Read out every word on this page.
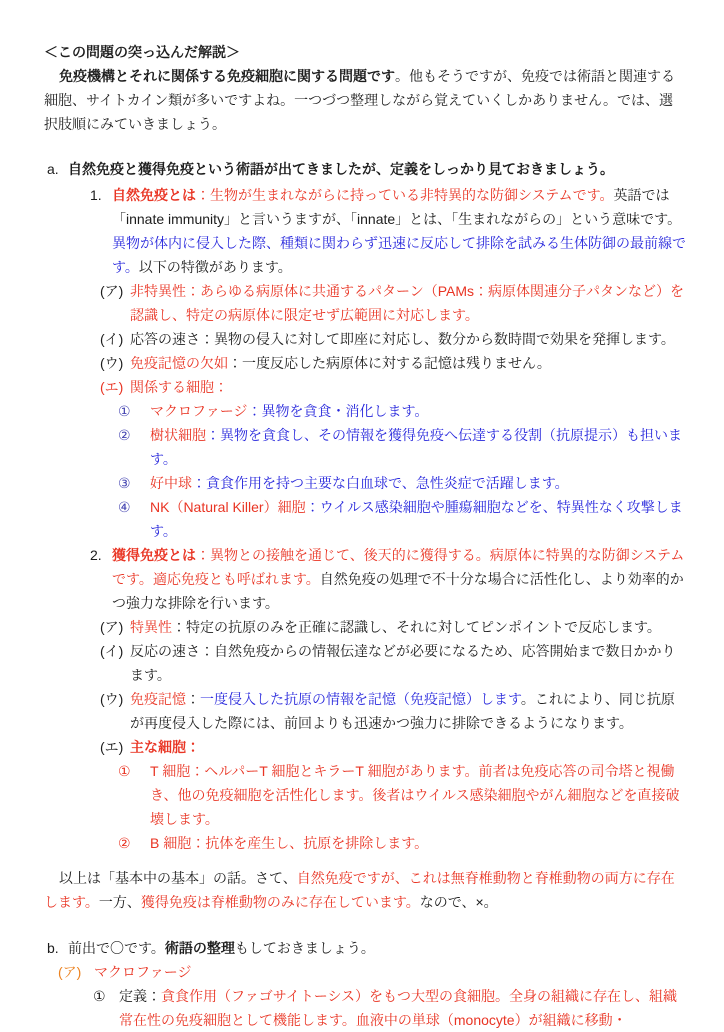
＜この問題の突っ込んだ解説＞
免疫機構とそれに関係する免疫細胞に関する問題です。他もそうですが、免疫では術語と関連する細胞、サイトカイン類が多いですよね。一つづつ整理しながら覚えていくしかありません。では、選択肢順にみていきましょう。
a. 自然免疫と獲得免疫という術語が出てきましたが、定義をしっかり見ておきましょう。
1. 自然免疫とは：生物が生まれながらに持っている非特異的な防御システムです。英語では「innate immunity」と言いうますが、「innate」とは、「生まれながらの」という意味です。異物が体内に侵入した際、種類に関わらず迅速に反応して排除を試みる生体防御の最前線です。以下の特徴があります。
(ア) 非特異性：あらゆる病原体に共通するパターン（PAMs：病原体関連分子パタンなど）を認識し、特定の病原体に限定せず広範囲に対応します。
(イ) 応答の速さ：異物の侵入に対して即座に対応し、数分から数時間で効果を発揮します。
(ウ) 免疫記憶の欠如：一度反応した病原体に対する記憶は残りません。
(エ) 関係する細胞：
①	マクロファージ：異物を貪食・消化します。
②	樹状細胞：異物を貪食し、その情報を獲得免疫へ伝達する役割（抗原提示）も担います。
③	好中球：貪食作用を持つ主要な白血球で、急性炎症で活躍します。
④	NK（Natural Killer）細胞：ウイルス感染細胞や腫瘍細胞などを、特異性なく攻撃します。
2. 獲得免疫とは：異物との接触を通じて、後天的に獲得する。病原体に特異的な防御システムです。適応免疫とも呼ばれます。自然免疫の処理で不十分な場合に活性化し、より効率的かつ強力な排除を行います。
(ア) 特異性：特定の抗原のみを正確に認識し、それに対してピンポイントで反応します。
(イ) 反応の速さ：自然免疫からの情報伝達などが必要になるため、応答開始まで数日かかります。
(ウ) 免疫記憶：一度侵入した抗原の情報を記憶（免疫記憶）します。これにより、同じ抗原が再度侵入した際には、前回よりも迅速かつ強力に排除できるようになります。
(エ) 主な細胞：
①	T 細胞：ヘルパーT 細胞とキラーT 細胞があります。前者は免疫応答の司令塔と視働き、他の免疫細胞を活性化します。後者はウイルス感染細胞やがん細胞などを直接破壊します。
②	B 細胞：抗体を産生し、抗原を排除します。
以上は「基本中の基本」の話。さて、自然免疫ですが、これは無脊椎動物と脊椎動物の両方に存在します。一方、獲得免疫は脊椎動物のみに存在しています。なので、×。
b. 前出で〇です。術語の整理もしておきましょう。
(ア) マクロファージ
① 定義：貪食作用（ファゴサイトーシス）をもつ大型の食細胞。全身の組織に存在し、組織常在性の免疫細胞として機能します。血液中の単球（monocyte）が組織に移動・
